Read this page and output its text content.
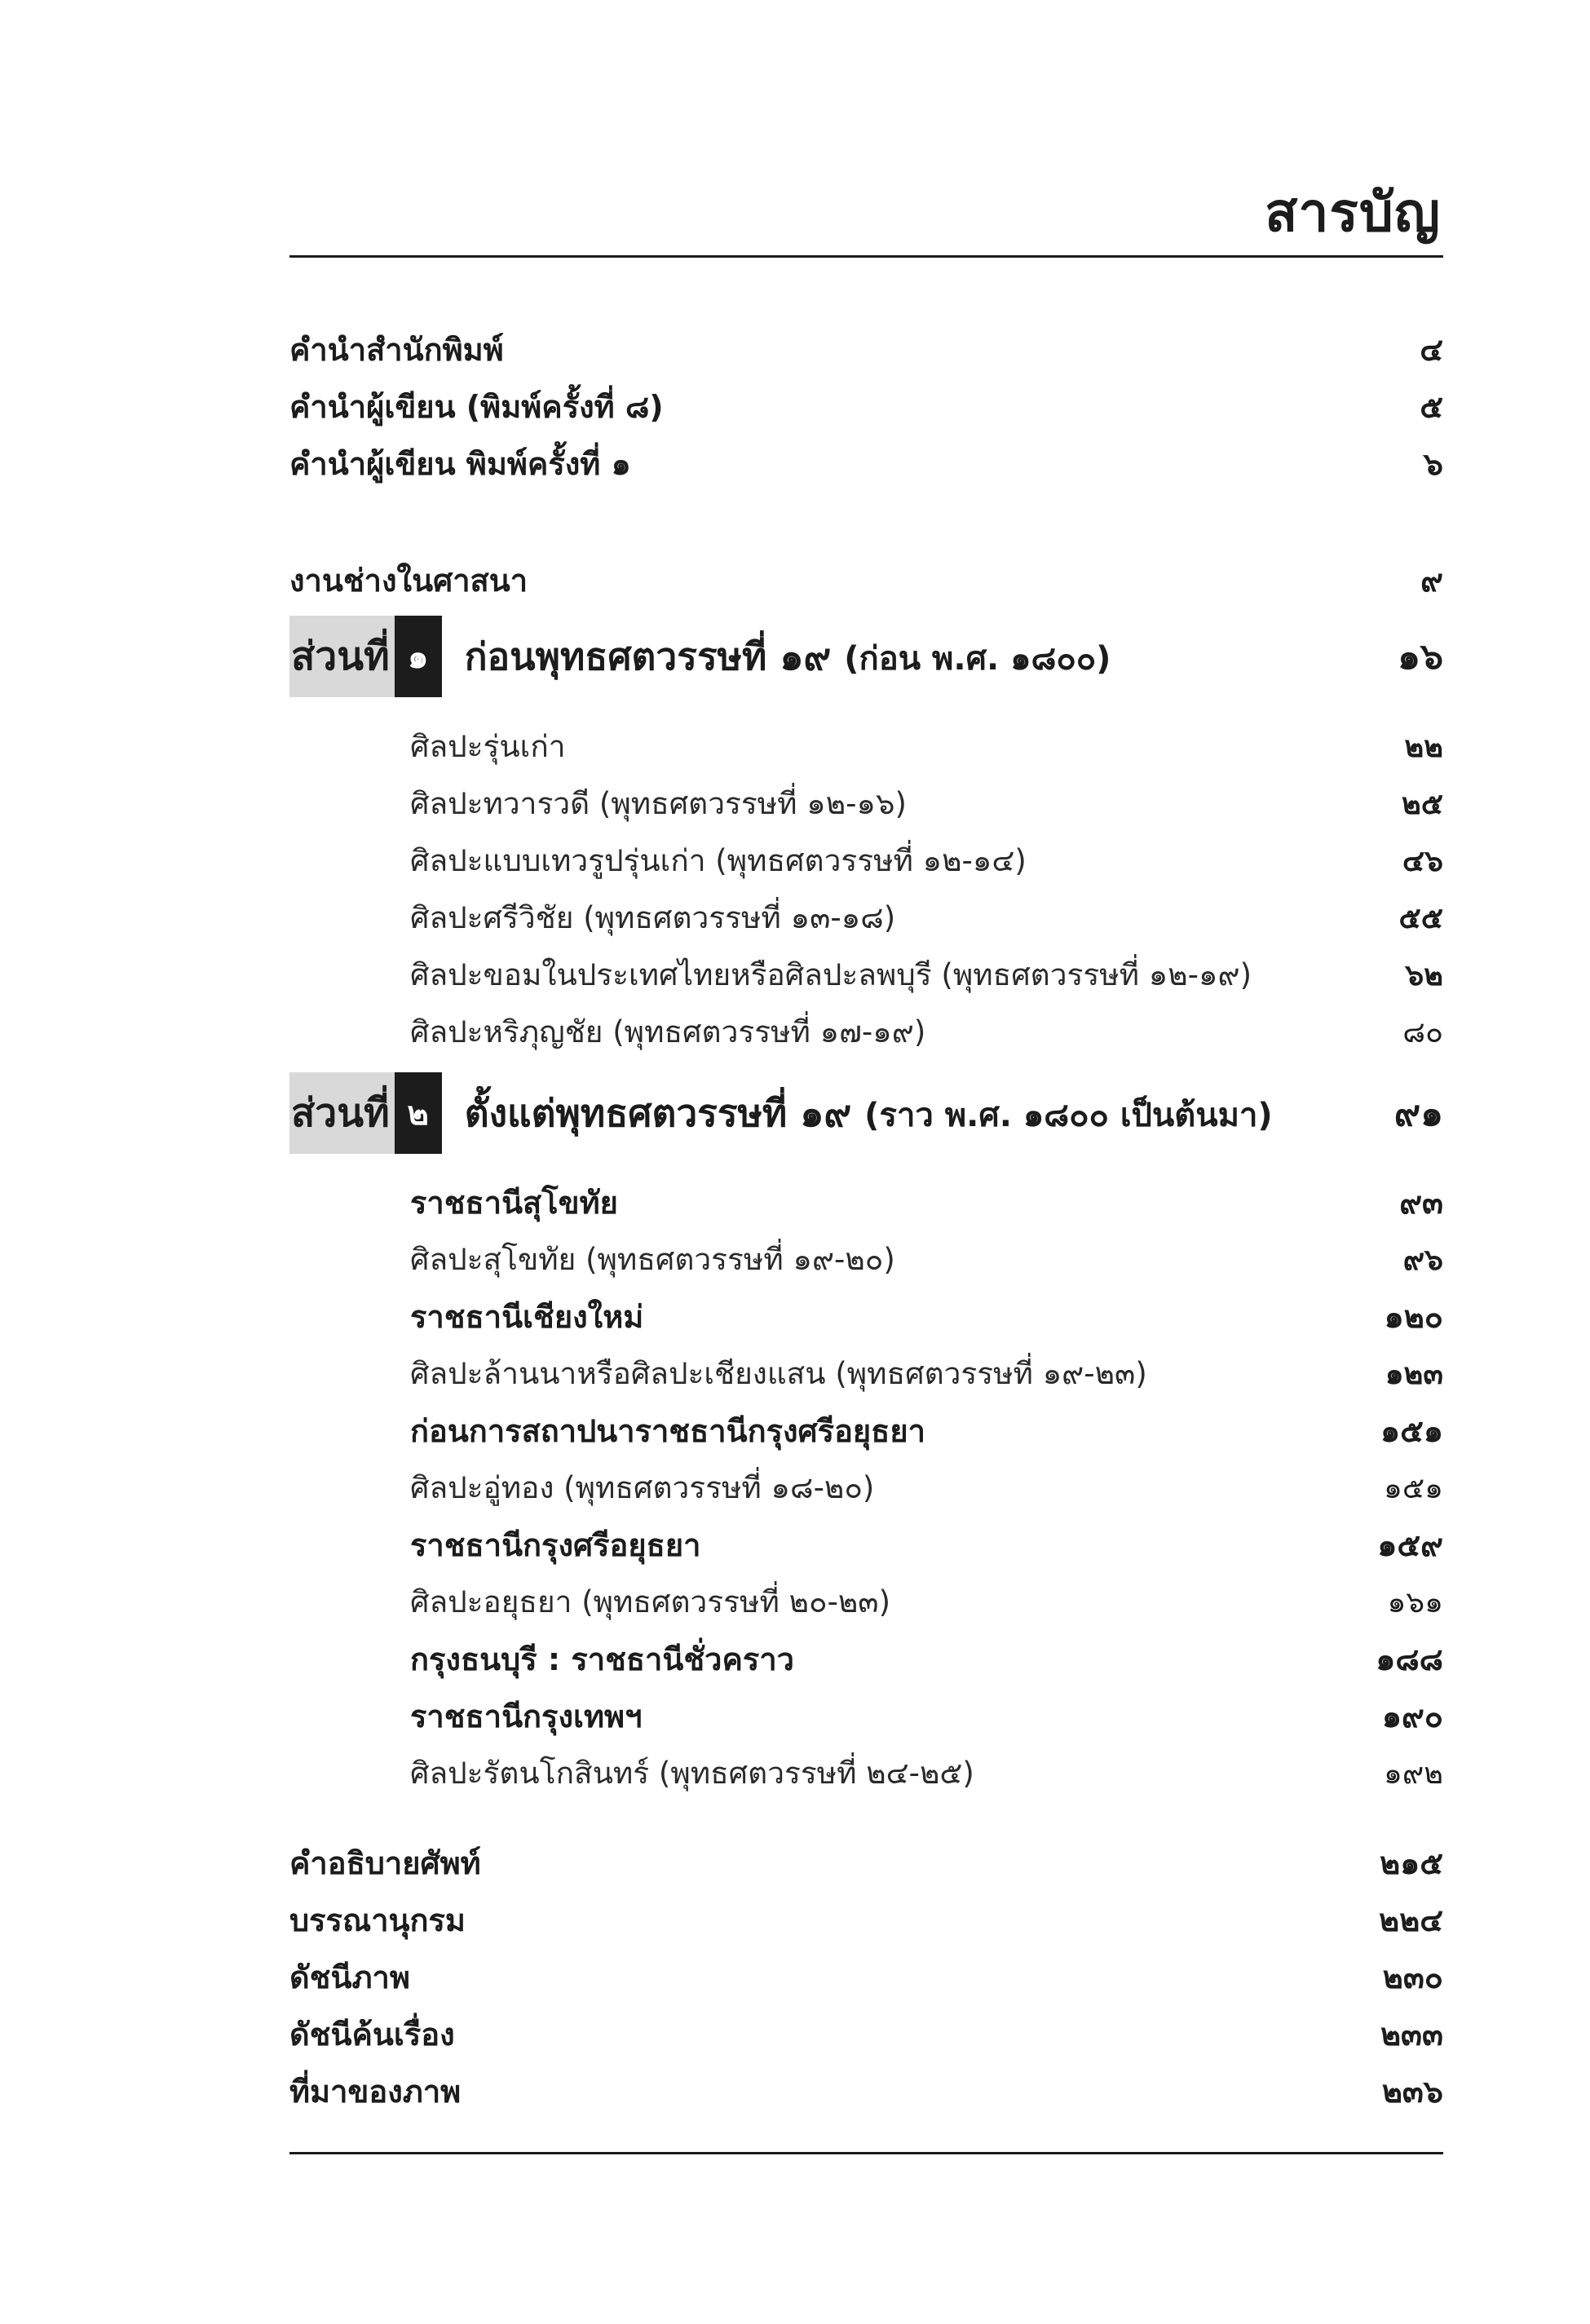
สารบัญ
คำนำสำนักพิมพ์	๔
คำนำผู้เขียน (พิมพ์ครั้งที่ ๘)	๕
คำนำผู้เขียน พิมพ์ครั้งที่ ๑	๖
งานช่างในศาสนา	๙
ส่วนที่ ๑ ก่อนพุทธศตวรรษที่ ๑๙ (ก่อน พ.ศ. ๑๘๐๐)	๑๖
ศิลปะรุ่นเก่า	๒๒
ศิลปะทวารวดี (พุทธศตวรรษที่ ๑๒-๑๖)	๒๕
ศิลปะแบบเทวรูปรุ่นเก่า (พุทธศตวรรษที่ ๑๒-๑๔)	๔๖
ศิลปะศรีวิชัย (พุทธศตวรรษที่ ๑๓-๑๘)	๕๕
ศิลปะขอมในประเทศไทยหรือศิลปะลพบุรี (พุทธศตวรรษที่ ๑๒-๑๙)	๖๒
ศิลปะหริภุญชัย (พุทธศตวรรษที่ ๑๗-๑๙)	๘๐
ส่วนที่ ๒ ตั้งแต่พุทธศตวรรษที่ ๑๙ (ราว พ.ศ. ๑๘๐๐ เป็นต้นมา)	๙๑
ราชธานีสุโขทัย	๙๓
ศิลปะสุโขทัย (พุทธศตวรรษที่ ๑๙-๒๐)	๙๖
ราชธานีเชียงใหม่	๑๒๐
ศิลปะล้านนาหรือศิลปะเชียงแสน (พุทธศตวรรษที่ ๑๙-๒๓)	๑๒๓
ก่อนการสถาปนาราชธานีกรุงศรีอยุธยา	๑๕๑
ศิลปะอู่ทอง (พุทธศตวรรษที่ ๑๘-๒๐)	๑๕๑
ราชธานีกรุงศรีอยุธยา	๑๕๙
ศิลปะอยุธยา (พุทธศตวรรษที่ ๒๐-๒๓)	๑๖๑
กรุงธนบุรี : ราชธานีชั่วคราว	๑๘๘
ราชธานีกรุงเทพฯ	๑๙๐
ศิลปะรัตนโกสินทร์ (พุทธศตวรรษที่ ๒๔-๒๕)	๑๙๒
คำอธิบายศัพท์	๒๑๕
บรรณานุกรม	๒๒๔
ดัชนีภาพ	๒๓๐
ดัชนีค้นเรื่อง	๒๓๓
ที่มาของภาพ	๒๓๖
